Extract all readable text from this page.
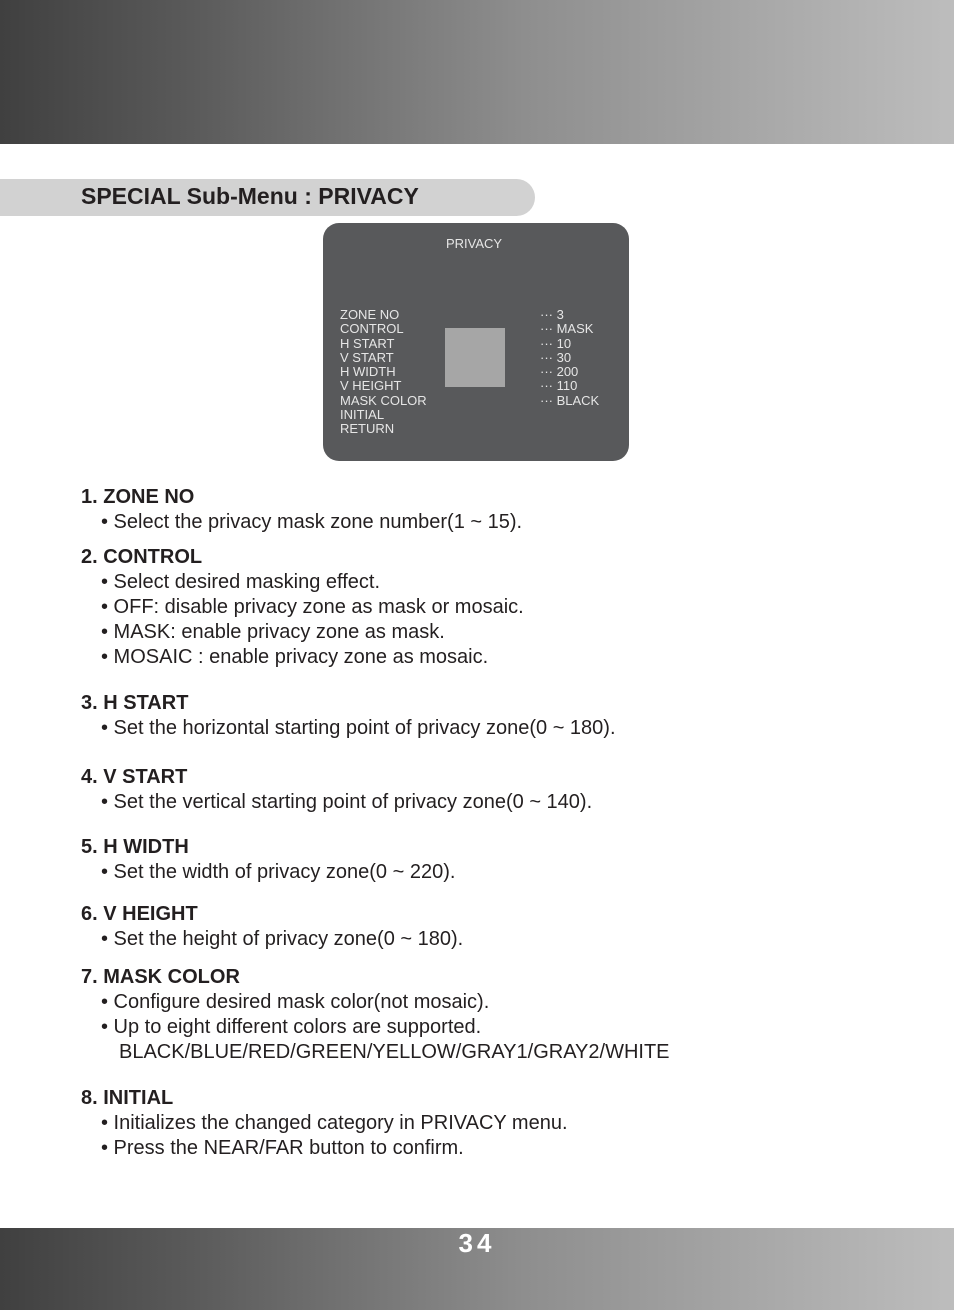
SPECIAL Sub-Menu : PRIVACY
PRIVACY
ZONE NO
CONTROL
H START
V START
H WIDTH
V HEIGHT
MASK COLOR
INITIAL
RETURN
··· 3
··· MASK
··· 10
··· 30
··· 200
··· 110
··· BLACK
1. ZONE NO
• Select the privacy mask zone number(1 ~ 15).
2. CONTROL
• Select desired masking effect.
• OFF: disable privacy zone as mask or mosaic.
• MASK: enable privacy zone as mask.
• MOSAIC : enable privacy zone as mosaic.
3. H START
• Set the horizontal starting point of privacy zone(0 ~ 180).
4. V START
• Set the vertical starting point of privacy zone(0 ~ 140).
5. H WIDTH
• Set the width of privacy zone(0 ~ 220).
6. V HEIGHT
• Set the height of privacy zone(0 ~ 180).
7. MASK COLOR
• Configure desired mask color(not mosaic).
• Up to eight different colors are supported.
BLACK/BLUE/RED/GREEN/YELLOW/GRAY1/GRAY2/WHITE
8. INITIAL
• Initializes the changed category in PRIVACY menu.
• Press the NEAR/FAR button to confirm.
34
